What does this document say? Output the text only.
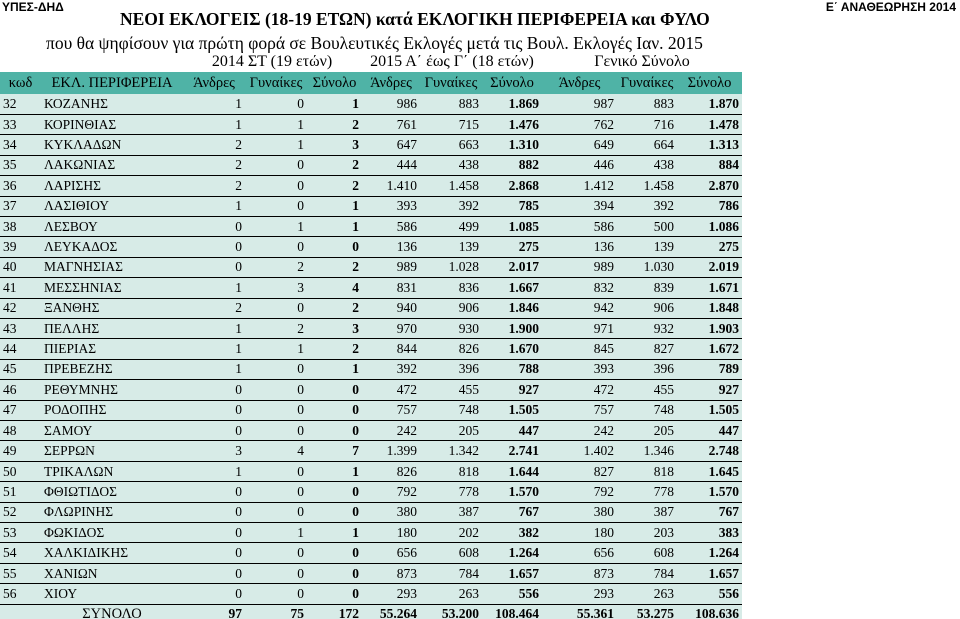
ΥΠΕΣ-ΔΗΔ	Ε΄ ΑΝΑΘΕΩΡΗΣΗ 2014
ΝΕΟΙ ΕΚΛΟΓΕΙΣ (18-19 ΕΤΩΝ) κατά ΕΚΛΟΓΙΚΗ ΠΕΡΙΦΕΡΕΙΑ και ΦΥΛΟ
που θα ψηφίσουν για πρώτη φορά σε Βουλευτικές Εκλογές μετά τις Βουλ. Εκλογές Ιαν. 2015
2014 ΣΤ (19 ετών)	2015 Α΄ έως Γ΄ (18 ετών)	Γενικό Σύνολο
κωδ	ΕΚΛ. ΠΕΡΙΦΕΡΕΙΑ	Άνδρες	Γυναίκες Σύνολο Άνδρες Γυναίκες Σύνολο	Άνδρες	Γυναίκες Σύνολο
32	ΚΟΖΑΝΗΣ	1	0	1	986	883	1.869	987	883	1.870
33	ΚΟΡΙΝΘΙΑΣ	1	1	2	761	715	1.476	762	716	1.478
34	ΚΥΚΛΑΔΩΝ	2	1	3	647	663	1.310	649	664	1.313
35	ΛΑΚΩΝΙΑΣ	2	0	2	444	438	882	446	438	884
36	ΛΑΡΙΣΗΣ	2	0	2	1.410	1.458	2.868	1.412	1.458	2.870
37	ΛΑΣΙΘΙΟΥ	1	0	1	393	392	785	394	392	786
38	ΛΕΣΒΟΥ	0	1	1	586	499	1.085	586	500	1.086
39	ΛΕΥΚΑΔΟΣ	0	0	0	136	139	275	136	139	275
40	ΜΑΓΝΗΣΙΑΣ	0	2	2	989	1.028	2.017	989	1.030	2.019
41	ΜΕΣΣΗΝΙΑΣ	1	3	4	831	836	1.667	832	839	1.671
42	ΞΑΝΘΗΣ	2	0	2	940	906	1.846	942	906	1.848
43	ΠΕΛΛΗΣ	1	2	3	970	930	1.900	971	932	1.903
44	ΠΙΕΡΙΑΣ	1	1	2	844	826	1.670	845	827	1.672
45	ΠΡΕΒΕΖΗΣ	1	0	1	392	396	788	393	396	789
46	ΡΕΘΥΜΝΗΣ	0	0	0	472	455	927	472	455	927
47	ΡΟΔΟΠΗΣ	0	0	0	757	748	1.505	757	748	1.505
48	ΣΑΜΟΥ	0	0	0	242	205	447	242	205	447
49	ΣΕΡΡΩΝ	3	4	7	1.399	1.342	2.741	1.402	1.346	2.748
50	ΤΡΙΚΑΛΩΝ	1	0	1	826	818	1.644	827	818	1.645
51	ΦΘΙΩΤΙΔΟΣ	0	0	0	792	778	1.570	792	778	1.570
52	ΦΛΩΡΙΝΗΣ	0	0	0	380	387	767	380	387	767
53	ΦΩΚΙΔΟΣ	0	1	1	180	202	382	180	203	383
54	ΧΑΛΚΙΔΙΚΗΣ	0	0	0	656	608	1.264	656	608	1.264
55	ΧΑΝΙΩΝ	0	0	0	873	784	1.657	873	784	1.657
56	ΧΙΟΥ	0	0	0	293	263	556	293	263	556
	ΣΥΝΟΛΟ	97	75	172	55.264	53.200	108.464	55.361	53.275	108.636
